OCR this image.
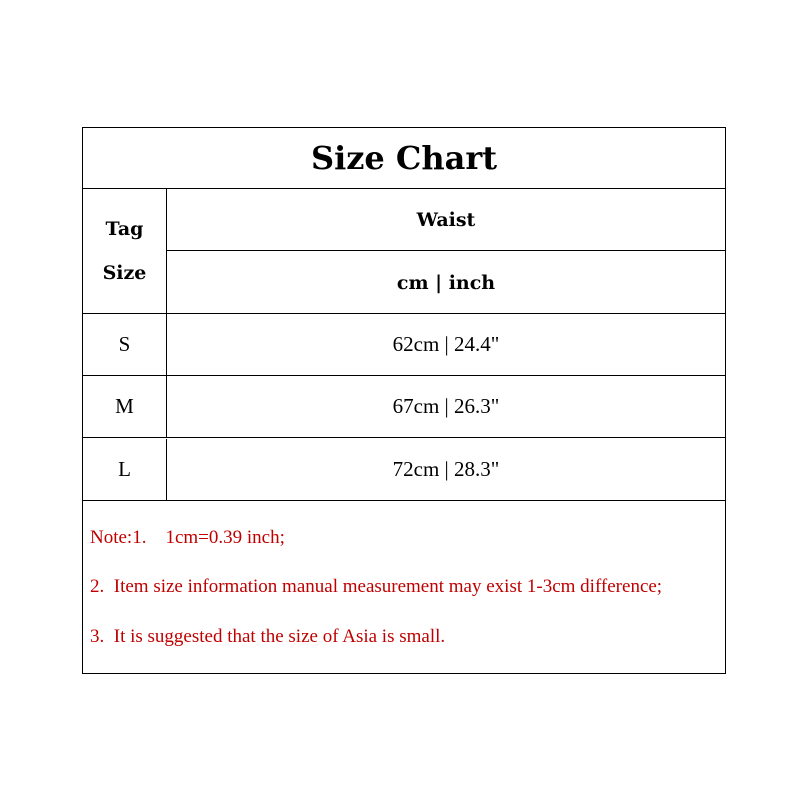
Size Chart
Tag
Size
Waist
cm | inch
S	62cm | 24.4"
M	67cm | 26.3"
L	72cm | 28.3"
Note:1.    1cm=0.39 inch;
2.  Item size information manual measurement may exist 1-3cm difference;
3.  It is suggested that the size of Asia is small.
